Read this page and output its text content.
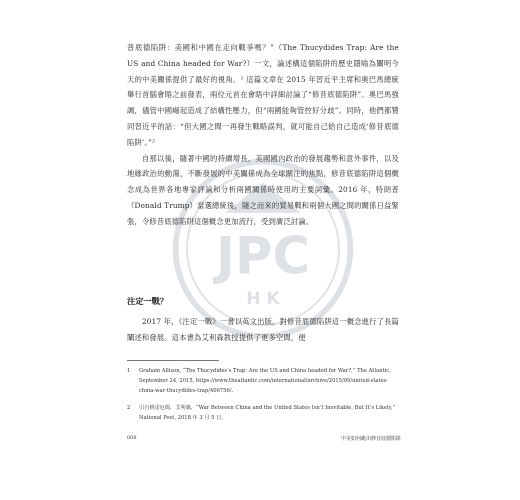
JPC
H K

普底德陷阱：美國和中國在走向戰爭嗎？”（The Thucydides Trap: Are the US and China headed for War?）一文，論述構這個陷阱的歷史隱喻為闡明今天的中美關係提供了最好的視角。¹ 這篇文章在 2015 年習近平主席和奧巴馬總統舉行首腦會晤之前發表，兩位元首在會晤中詳細討論了“修昔底德陷阱”。奧巴馬強調，儘管中國崛起造成了結構性壓力，但“兩國能夠管控好分歧”。同時，他們都贊同習近平的話：“但大國之間一再發生戰略誤判，就可能自己給自己造成‘修昔底德陷阱’。”²

自那以後，隨著中國的持續增長，美國國內政治的發展趨勢和意外事件，以及地緣政治的動蕩，不斷發展的中美關係成為全球關注的焦點，修昔底德陷阱這個概念成為世界各地專家評論和分析兩國關係時使用的主要詞彙。2016 年，特朗普（Donald Trump）當選總統後，隨之而來的貿易戰和兩個大國之間的關係日益緊張，令修昔底德陷阱這個概念更加流行，受到廣泛討論。

注定一戰？

2017 年，《注定一戰》一書以英文出版，對修昔底德陷阱這一概念進行了長篇闡述和發展。這本書為艾利森教授提供了更多空間，便

1	Graham Allison, “The Thucydides’s Trap: Are the US and China headed for War?,” The Atlantic, September 24, 2015, https://www.theatlantic.com/international/archive/2015/09/united-states-china-war-thucydides-trap/406756/.

2	引自格雷厄姆．艾利森，“War Between China and the United States Isn’t Inevitable, But It’s Likely,” National Post, 2018 年 3 月 5 日。

008	中美如何跳出修昔底德陷阱
